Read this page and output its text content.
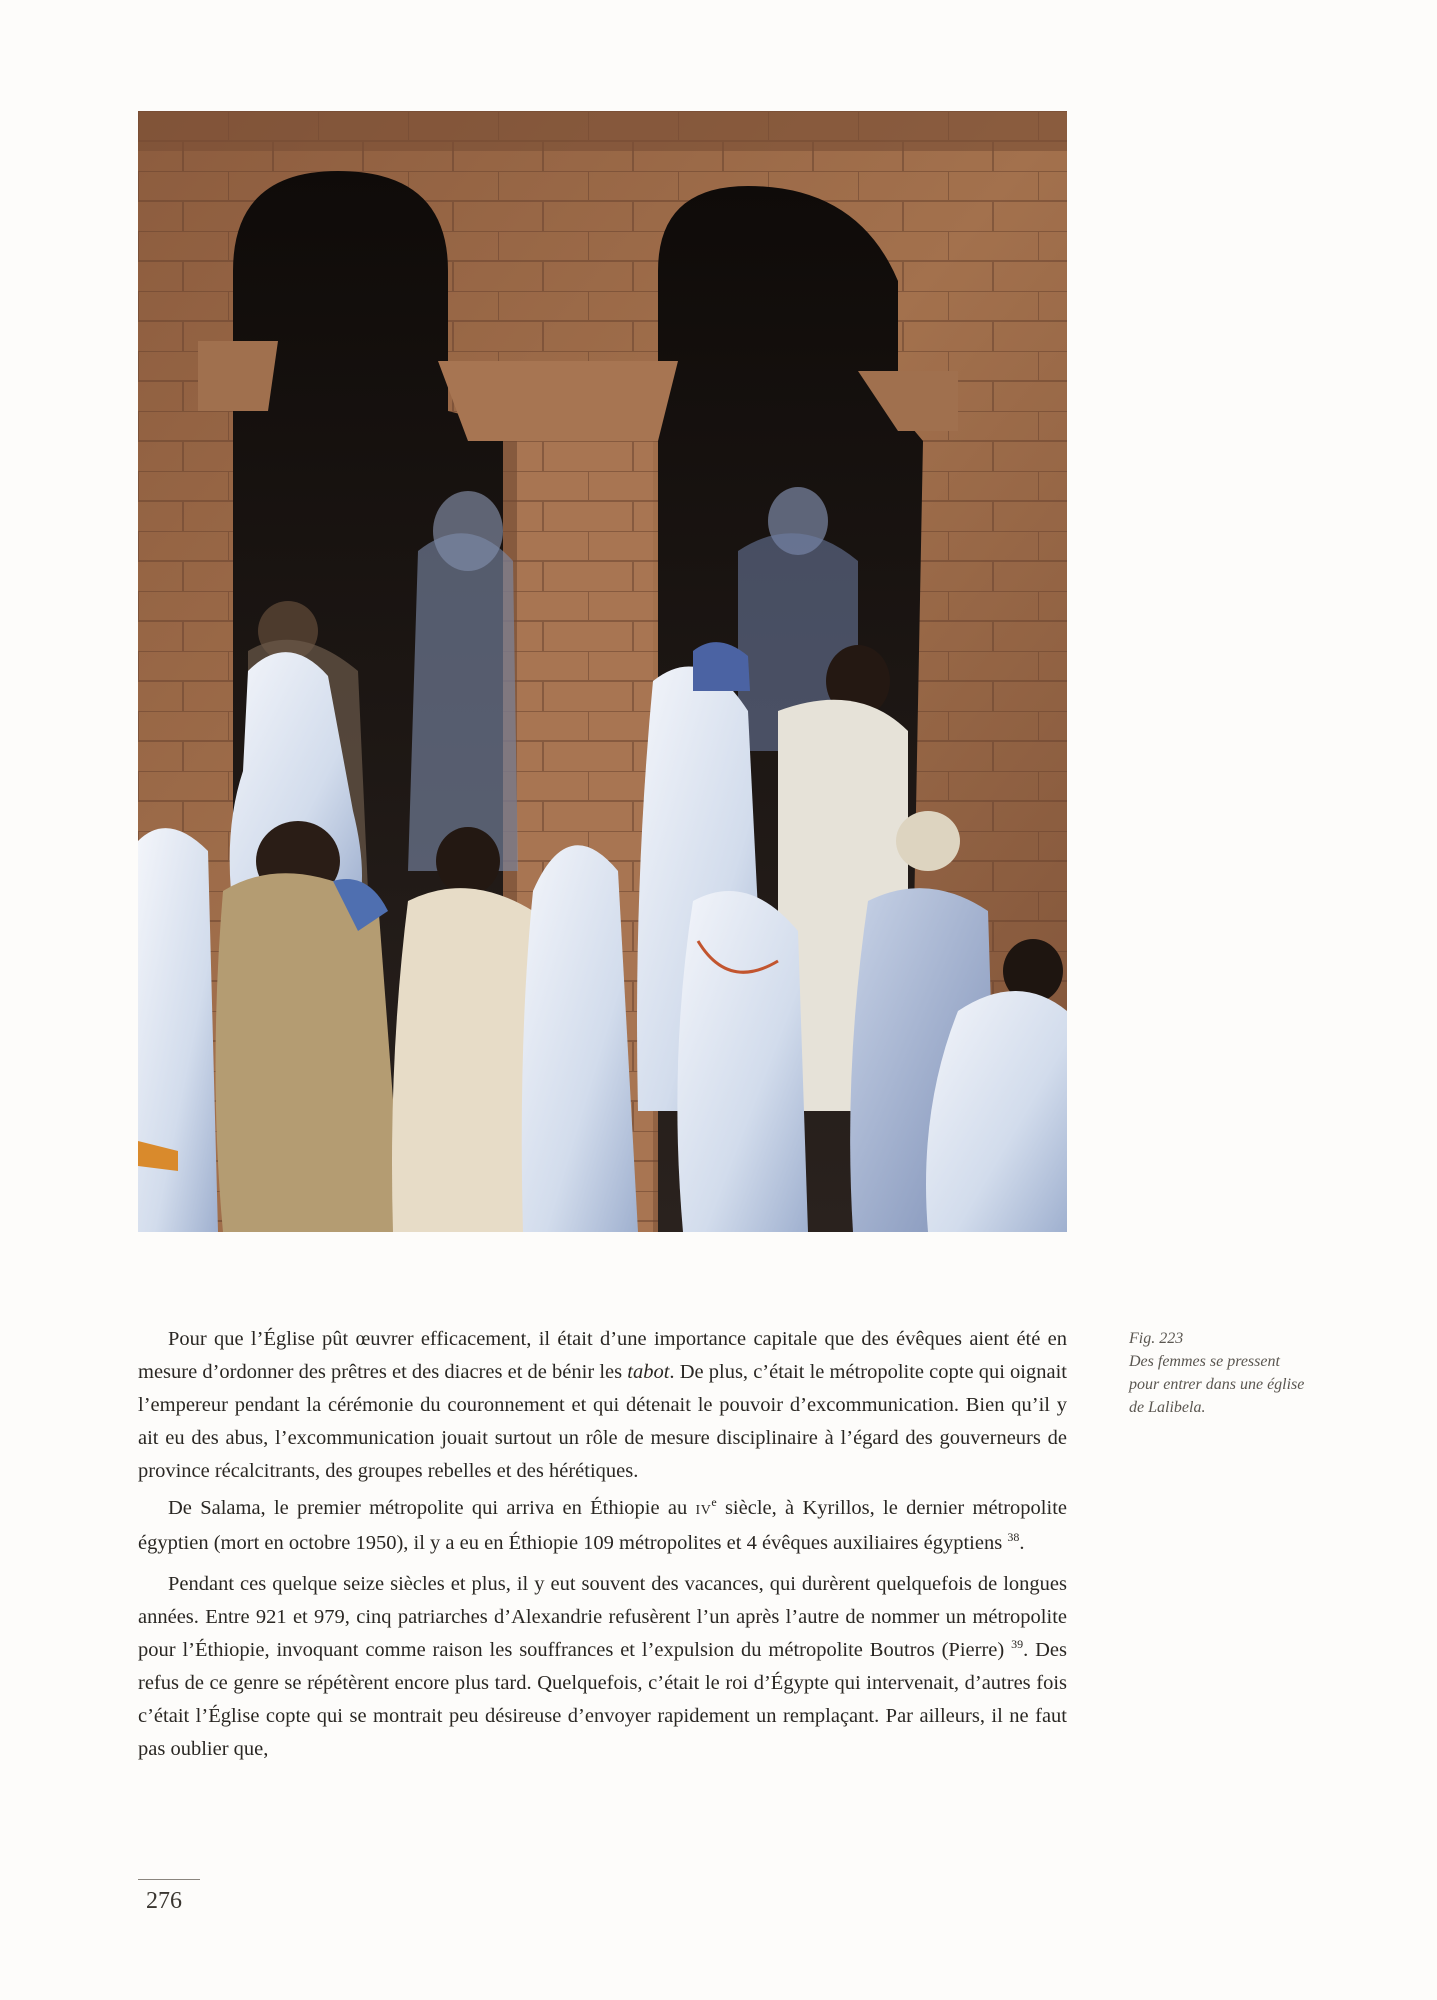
Pour que l’Église pût œuvrer efficacement, il était d’une importance capitale que des évêques aient été en mesure d’ordonner des prêtres et des diacres et de bénir les tabot. De plus, c’était le métropolite copte qui oignait l’empereur pendant la cérémonie du couronnement et qui détenait le pouvoir d’excommunication. Bien qu’il y ait eu des abus, l’excommunication jouait surtout un rôle de mesure disciplinaire à l’égard des gouverneurs de province récalcitrants, des groupes rebelles et des hérétiques.

De Salama, le premier métropolite qui arriva en Éthiopie au IVe siècle, à Kyrillos, le dernier métropolite égyptien (mort en octobre 1950), il y a eu en Éthiopie 109 métropolites et 4 évêques auxiliaires égyptiens $^{38}$.

Pendant ces quelque seize siècles et plus, il y eut souvent des vacances, qui durèrent quelquefois de longues années. Entre 921 et 979, cinq patriarches d’Alexandrie refusèrent l’un après l’autre de nommer un métropolite pour l’Éthiopie, invoquant comme raison les souffrances et l’expulsion du métropolite Boutros (Pierre) $^{39}$. Des refus de ce genre se répétèrent encore plus tard. Quelquefois, c’était le roi d’Égypte qui intervenait, d’autres fois c’était l’Église copte qui se montrait peu désireuse d’envoyer rapidement un remplaçant. Par ailleurs, il ne faut pas oublier que,

Fig. 223
Des femmes se pressent
pour entrer dans une église
de Lalibela.
276
